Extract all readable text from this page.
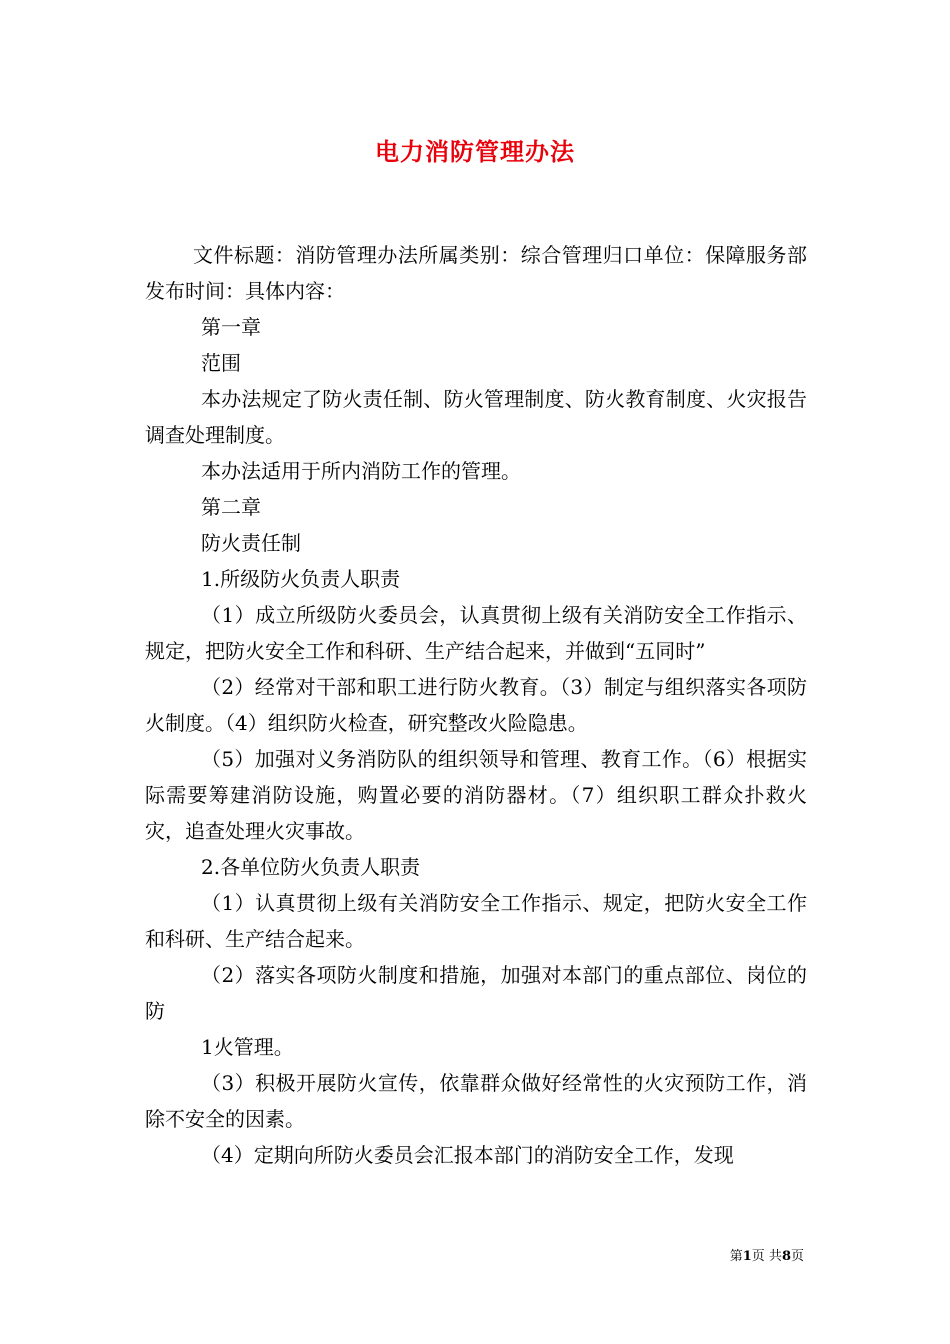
电力消防管理办法

文件标题：消防管理办法所属类别：综合管理归口单位：保障服务部发布时间：具体内容：

第一章

范围

本办法规定了防火责任制、防火管理制度、防火教育制度、火灾报告调查处理制度。

本办法适用于所内消防工作的管理。

第二章

防火责任制

1.所级防火负责人职责

（1）成立所级防火委员会，认真贯彻上级有关消防安全工作指示、规定，把防火安全工作和科研、生产结合起来，并做到“五同时”

（2）经常对干部和职工进行防火教育。（3）制定与组织落实各项防火制度。（4）组织防火检查，研究整改火险隐患。

（5）加强对义务消防队的组织领导和管理、教育工作。（6）根据实际需要筹建消防设施，购置必要的消防器材。（7）组织职工群众扑救火灾，追查处理火灾事故。

2.各单位防火负责人职责

（1）认真贯彻上级有关消防安全工作指示、规定，把防火安全工作和科研、生产结合起来。

（2）落实各项防火制度和措施，加强对本部门的重点部位、岗位的防

1火管理。

（3）积极开展防火宣传，依靠群众做好经常性的火灾预防工作，消除不安全的因素。

（4）定期向所防火委员会汇报本部门的消防安全工作，发现

第1页 共8页
